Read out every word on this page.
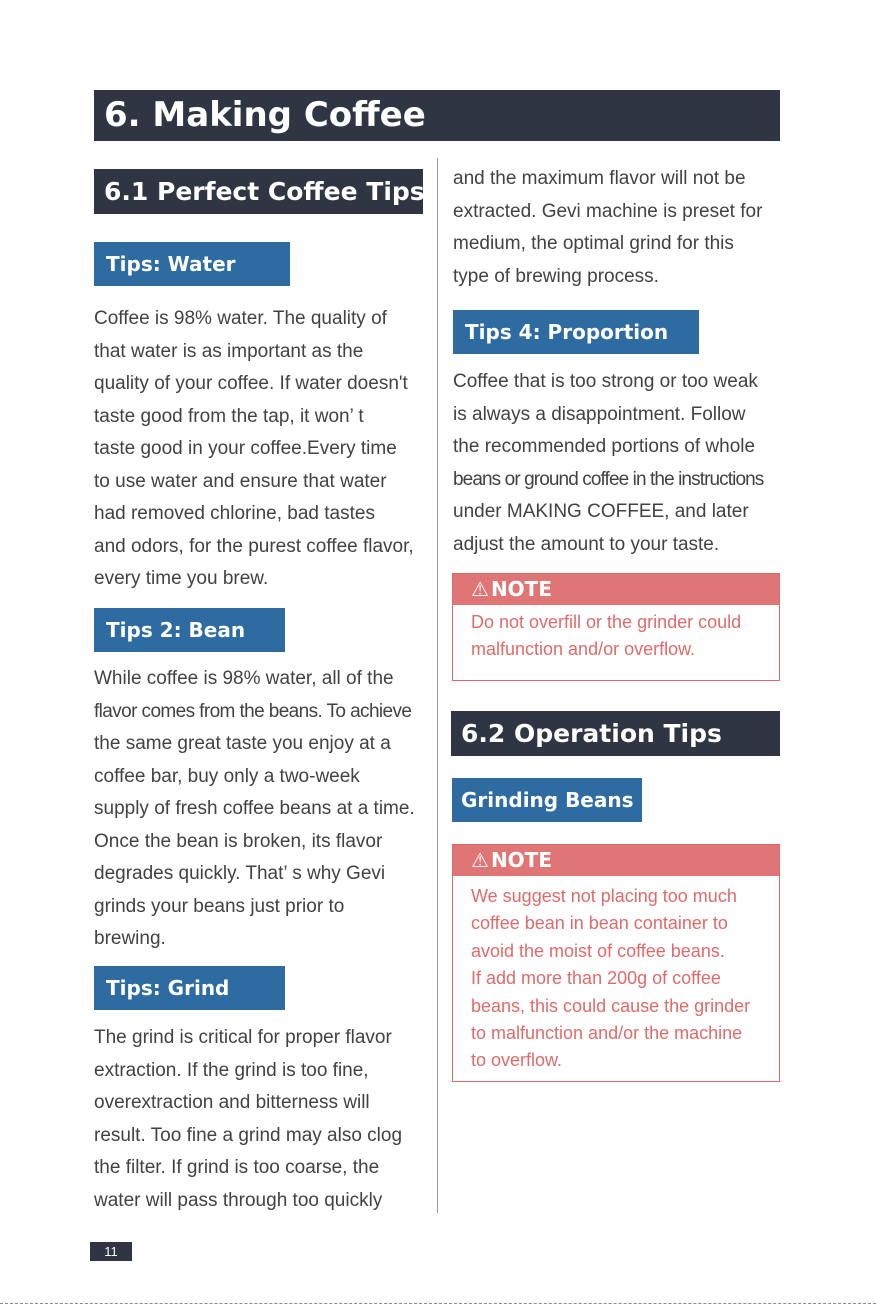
6. Making Coffee
6.1 Perfect Coffee Tips
Tips: Water
Coffee is 98% water. The quality of
that water is as important as the
quality of your coffee. If water doesn't
taste good from the tap, it won’ t
taste good in your coffee.Every time
to use water and ensure that water
had removed chlorine, bad tastes
and odors, for the purest coffee flavor,
every time you brew.
Tips 2: Bean
While coffee is 98% water, all of the
flavor comes from the beans. To achieve
the same great taste you enjoy at a
coffee bar, buy only a two-week
supply of fresh coffee beans at a time.
Once the bean is broken, its flavor
degrades quickly. That’ s why Gevi
grinds your beans just prior to
brewing.
Tips: Grind
The grind is critical for proper flavor
extraction. If the grind is too fine,
overextraction and bitterness will
result. Too fine a grind may also clog
the filter. If grind is too coarse, the
water will pass through too quickly
and the maximum flavor will not be
extracted. Gevi machine is preset for
medium, the optimal grind for this
type of brewing process.
Tips 4: Proportion
Coffee that is too strong or too weak
is always a disappointment. Follow
the recommended portions of whole
beans or ground coffee in the instructions
under MAKING COFFEE, and later
adjust the amount to your taste.
⚠ NOTE
Do not overfill or the grinder could
malfunction and/or overflow.
6.2 Operation Tips
Grinding Beans
⚠ NOTE
We suggest not placing too much
coffee bean in bean container to
avoid the moist of coffee beans.
If add more than 200g of coffee
beans, this could cause the grinder
to malfunction and/or the machine
to overflow.
11
